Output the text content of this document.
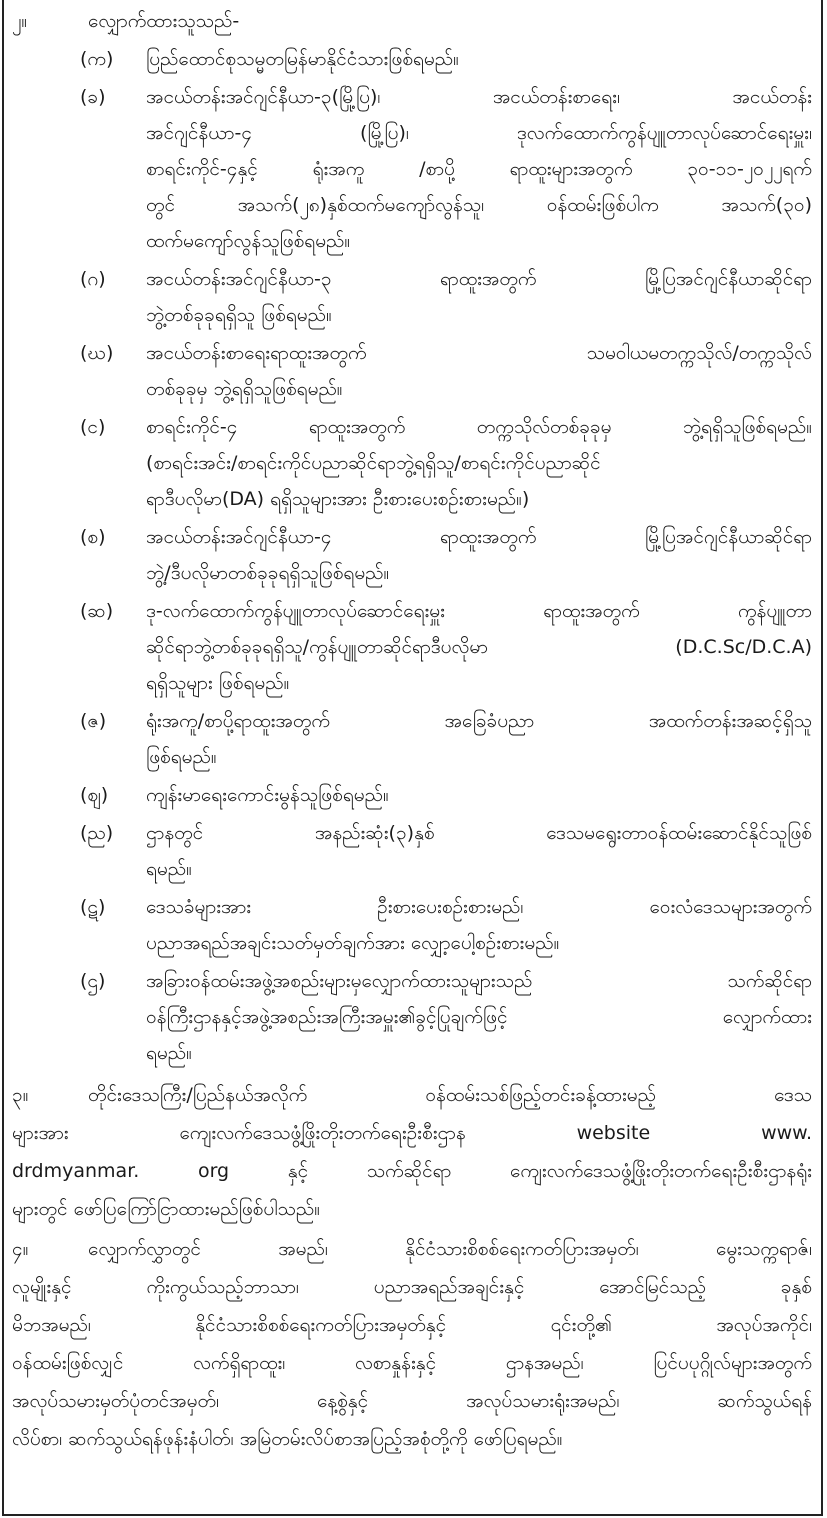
၂။	လျှောက်ထားသူသည်-
(က) ပြည်ထောင်စုသမ္မတမြန်မာနိုင်ငံသားဖြစ်ရမည်။
(ခ) အငယ်တန်းအင်ဂျင်နီယာ-၃(မြို့ပြ)၊ အငယ်တန်းစာရေး၊ အငယ်တန်း
အင်ဂျင်နီယာ-၄ (မြို့ပြ)၊ ဒုလက်ထောက်ကွန်ပျူတာလုပ်ဆောင်ရေးမှူး၊
စာရင်းကိုင်-၄နှင့် ရုံးအကူ /စာပို့ ရာထူးများအတွက် ၃၀-၁၁-၂၀၂၂ရက်
တွင် အသက်(၂၈)နှစ်ထက်မကျော်လွန်သူ၊ ဝန်ထမ်းဖြစ်ပါက အသက်(၃၀)
ထက်မကျော်လွန်သူဖြစ်ရမည်။
(ဂ) အငယ်တန်းအင်ဂျင်နီယာ-၃ ရာထူးအတွက် မြို့ပြအင်ဂျင်နီယာဆိုင်ရာ
ဘွဲ့တစ်ခုခုရရှိသူ ဖြစ်ရမည်။
(ဃ) အငယ်တန်းစာရေးရာထူးအတွက် သမဝါယမတက္ကသိုလ်/တက္ကသိုလ်
တစ်ခုခုမှ ဘွဲ့ရရှိသူဖြစ်ရမည်။
(င) စာရင်းကိုင်-၄ ရာထူးအတွက် တက္ကသိုလ်တစ်ခုခုမှ ဘွဲ့ရရှိသူဖြစ်ရမည်။
(စာရင်းအင်း/စာရင်းကိုင်ပညာဆိုင်ရာဘွဲ့ရရှိသူ/စာရင်းကိုင်ပညာဆိုင်
ရာဒီပလိုမာ(DA) ရရှိသူများအား ဦးစားပေးစဉ်းစားမည်။)
(စ) အငယ်တန်းအင်ဂျင်နီယာ-၄ ရာထူးအတွက် မြို့ပြအင်ဂျင်နီယာဆိုင်ရာ
ဘွဲ့/ဒီပလိုမာတစ်ခုခုရရှိသူဖြစ်ရမည်။
(ဆ) ဒု-လက်ထောက်ကွန်ပျူတာလုပ်ဆောင်ရေးမှူး ရာထူးအတွက် ကွန်ပျူတာ
ဆိုင်ရာဘွဲ့တစ်ခုခုရရှိသူ/ကွန်ပျူတာဆိုင်ရာဒီပလိုမာ (D.C.Sc/D.C.A)
ရရှိသူများ ဖြစ်ရမည်။
(ဇ) ရုံးအကူ/စာပို့ရာထူးအတွက် အခြေခံပညာ အထက်တန်းအဆင့်ရှိသူ
ဖြစ်ရမည်။
(ဈ) ကျန်းမာရေးကောင်းမွန်သူဖြစ်ရမည်။
(ည) ဌာနတွင် အနည်းဆုံး(၃)နှစ် ဒေသမရွေးတာဝန်ထမ်းဆောင်နိုင်သူဖြစ်
ရမည်။
(ဋ) ဒေသခံများအား ဦးစားပေးစဉ်းစားမည်၊ ဝေးလံဒေသများအတွက်
ပညာအရည်အချင်းသတ်မှတ်ချက်အား လျှော့ပေါ့စဉ်းစားမည်။
(ဌ) အခြားဝန်ထမ်းအဖွဲ့အစည်းများမှလျှောက်ထားသူများသည် သက်ဆိုင်ရာ
ဝန်ကြီးဌာနနှင့်အဖွဲ့အစည်းအကြီးအမှူး၏ခွင့်ပြုချက်ဖြင့် လျှောက်ထား
ရမည်။
၃။	တိုင်းဒေသကြီး/ပြည်နယ်အလိုက် ဝန်ထမ်းသစ်ဖြည့်တင်းခန့်ထားမည့် ဒေသ
များအား ကျေးလက်ဒေသဖွံ့ဖြိုးတိုးတက်ရေးဦးစီးဌာန website www.
drdmyanmar. org နှင့် သက်ဆိုင်ရာ ကျေးလက်ဒေသဖွံ့ဖြိုးတိုးတက်ရေးဦးစီးဌာနရုံး
များတွင် ဖော်ပြကြော်ငြာထားမည်ဖြစ်ပါသည်။
၄။	လျှောက်လွှာတွင် အမည်၊ နိုင်ငံသားစိစစ်ရေးကတ်ပြားအမှတ်၊ မွေးသက္ကရာဇ်၊
လူမျိုးနှင့် ကိုးကွယ်သည့်ဘာသာ၊ ပညာအရည်အချင်းနှင့် အောင်မြင်သည့် ခုနှစ်
မိဘအမည်၊ နိုင်ငံသားစိစစ်ရေးကတ်ပြားအမှတ်နှင့် ၎င်းတို့၏ အလုပ်အကိုင်၊
ဝန်ထမ်းဖြစ်လျှင် လက်ရှိရာထူး၊ လစာနှုန်းနှင့် ဌာနအမည်၊ ပြင်ပပုဂ္ဂိုလ်များအတွက်
အလုပ်သမားမှတ်ပုံတင်အမှတ်၊ နေ့စွဲနှင့် အလုပ်သမားရုံးအမည်၊ ဆက်သွယ်ရန်
လိပ်စာ၊ ဆက်သွယ်ရန်ဖုန်းနံပါတ်၊ အမြဲတမ်းလိပ်စာအပြည့်အစုံတို့ကို ဖော်ပြရမည်။
